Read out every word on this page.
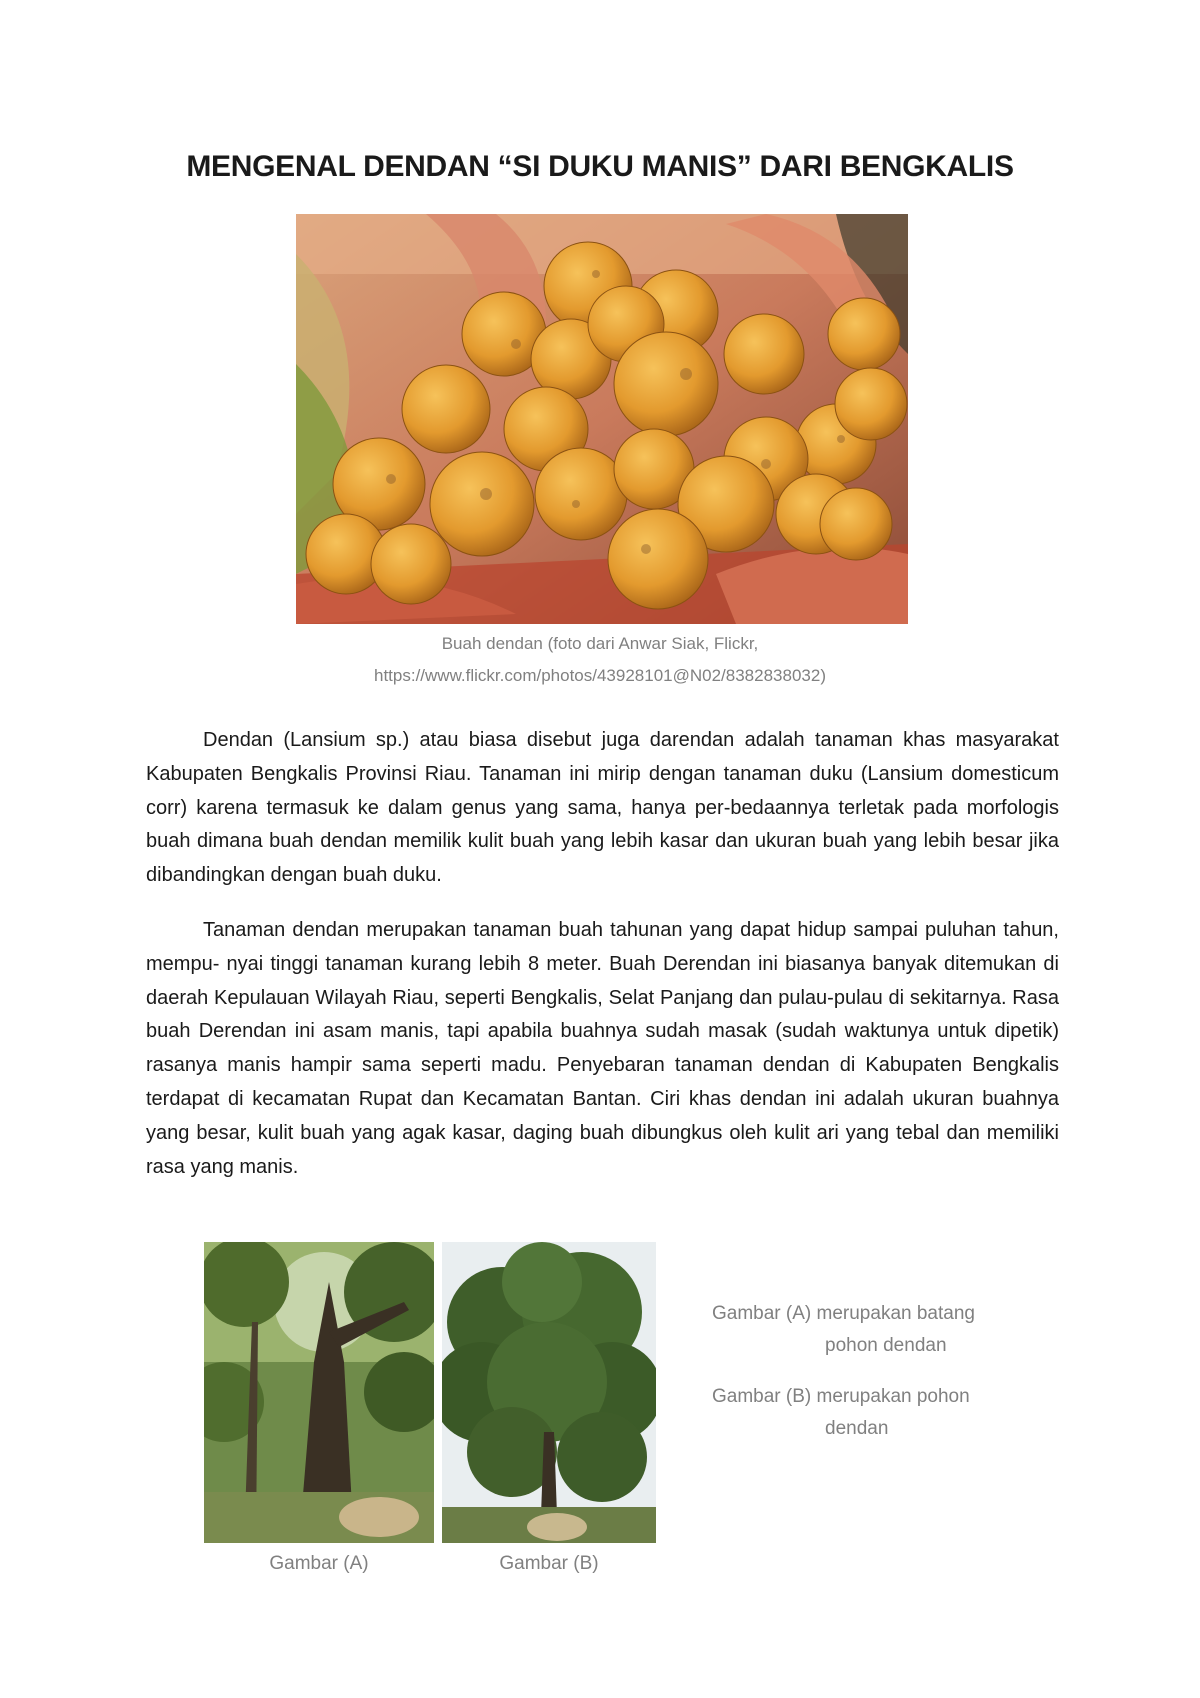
MENGENAL DENDAN “SI DUKU MANIS” DARI BENGKALIS
Buah dendan (foto dari Anwar Siak, Flickr,
https://www.flickr.com/photos/43928101@N02/8382838032)

Dendan (Lansium sp.) atau biasa disebut juga darendan adalah tanaman khas masyarakat Kabupaten Bengkalis Provinsi Riau. Tanaman ini mirip dengan tanaman duku (Lansium domesticum corr) karena termasuk ke dalam genus yang sama, hanya per-bedaannya terletak pada morfologis buah dimana buah dendan memilik kulit buah yang lebih kasar dan ukuran buah yang lebih besar jika dibandingkan dengan buah duku.

Tanaman dendan merupakan tanaman buah tahunan yang dapat hidup sampai puluhan tahun, mempu- nyai tinggi tanaman kurang lebih 8 meter. Buah Derendan ini biasanya banyak ditemukan di daerah Kepulauan Wilayah Riau, seperti Bengkalis, Selat Panjang dan pulau-pulau di sekitarnya. Rasa buah Derendan ini asam manis, tapi apabila buahnya sudah masak (sudah waktunya untuk dipetik) rasanya manis hampir sama seperti madu. Penyebaran tanaman dendan di Kabupaten Bengkalis terdapat di kecamatan Rupat dan Kecamatan Bantan. Ciri khas dendan ini adalah ukuran buahnya yang besar, kulit buah yang agak kasar, daging buah dibungkus oleh kulit ari yang tebal dan memiliki rasa yang manis.

Gambar (A) merupakan batang
pohon dendan
Gambar (B) merupakan pohon
dendan
Gambar (A)	Gambar (B)
